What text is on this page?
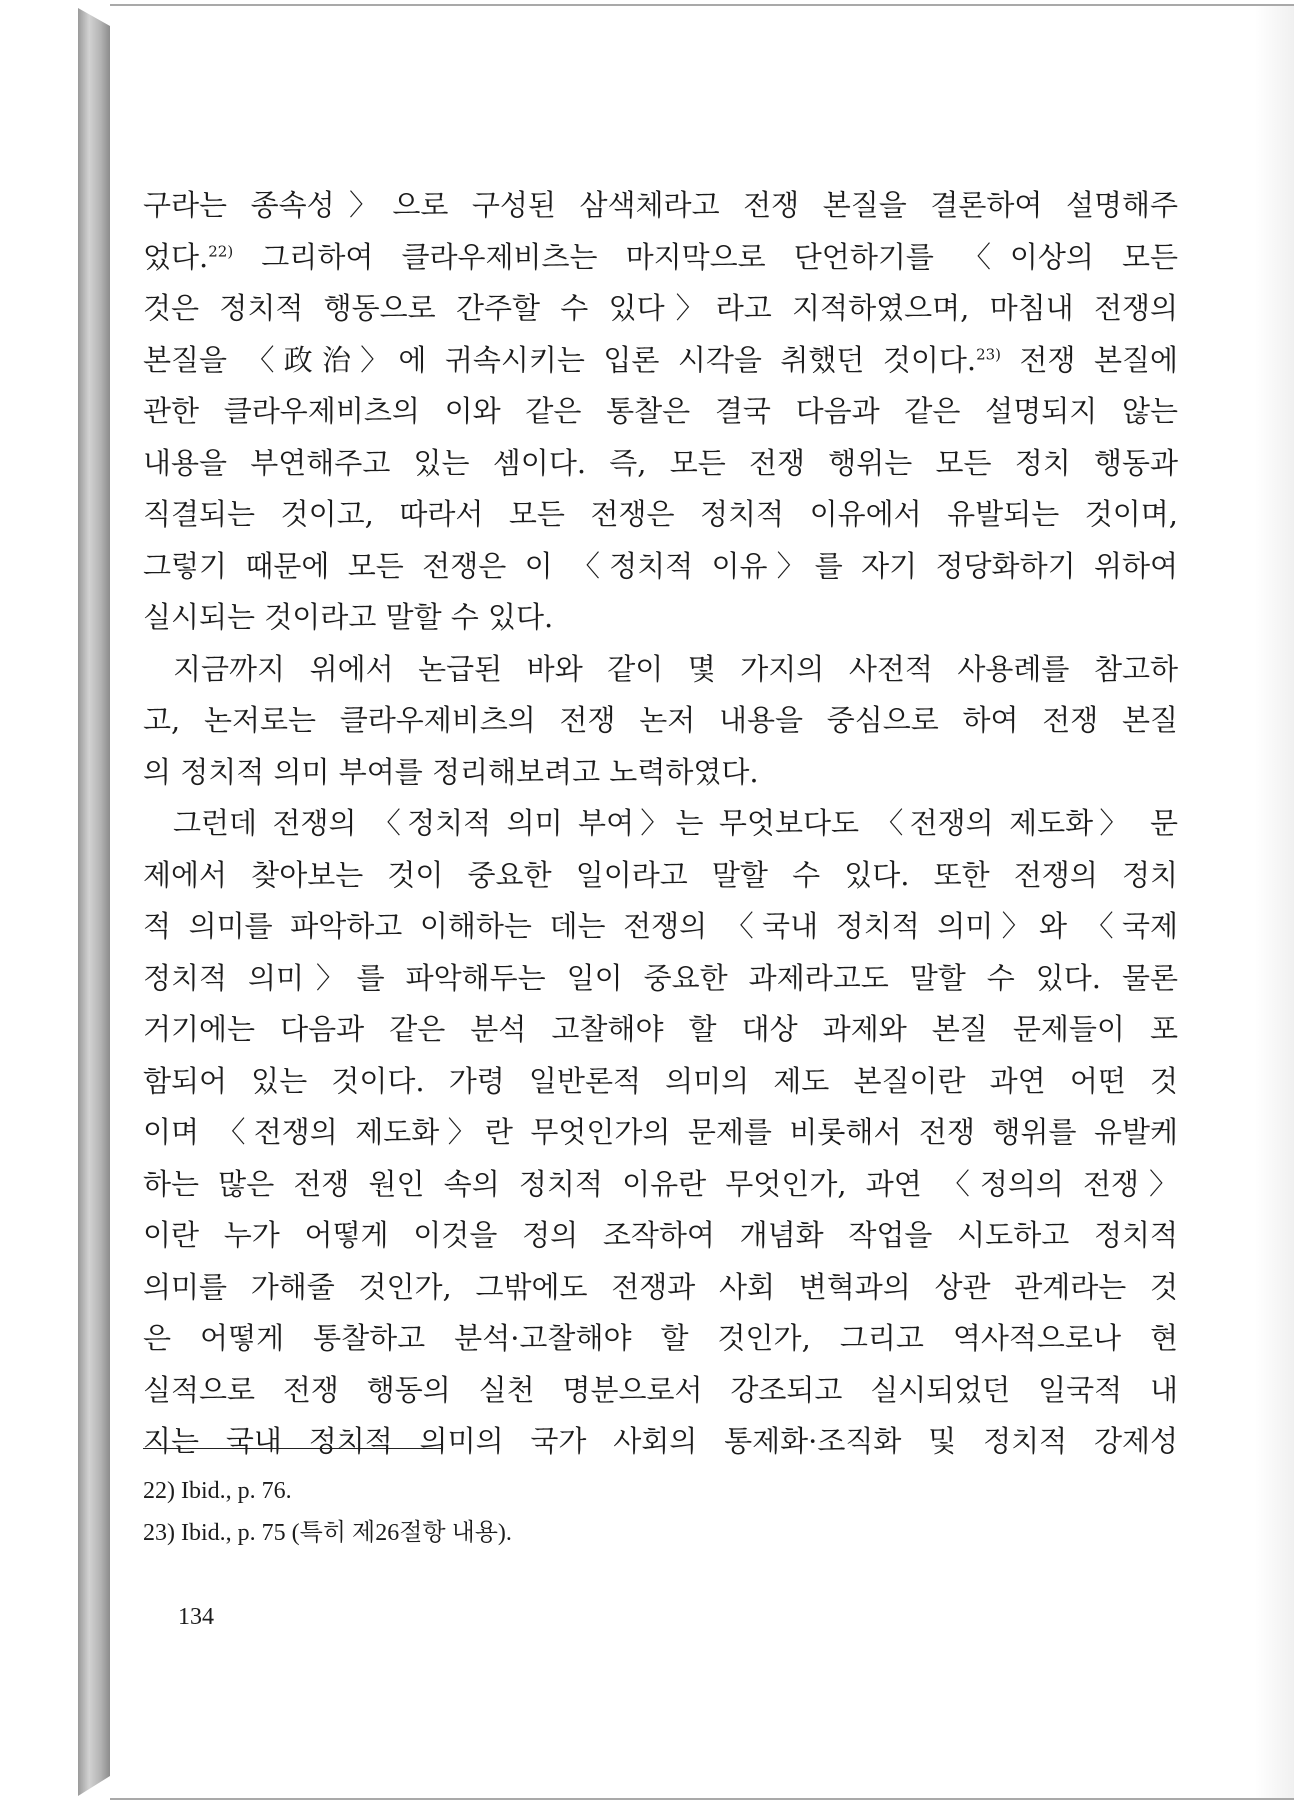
구라는 종속성〉으로 구성된 삼색체라고 전쟁 본질을 결론하여 설명해주
었다.$^{22)}$ 그리하여 클라우제비츠는 마지막으로 단언하기를 〈이상의 모든
것은 정치적 행동으로 간주할 수 있다〉라고 지적하였으며, 마침내 전쟁의
본질을 〈政治〉에 귀속시키는 입론 시각을 취했던 것이다.$^{23)}$ 전쟁 본질에
관한 클라우제비츠의 이와 같은 통찰은 결국 다음과 같은 설명되지 않는
내용을 부연해주고 있는 셈이다. 즉, 모든 전쟁 행위는 모든 정치 행동과
직결되는 것이고, 따라서 모든 전쟁은 정치적 이유에서 유발되는 것이며,
그렇기 때문에 모든 전쟁은 이 〈정치적 이유〉를 자기 정당화하기 위하여
실시되는 것이라고 말할 수 있다.

지금까지 위에서 논급된 바와 같이 몇 가지의 사전적 사용례를 참고하
고, 논저로는 클라우제비츠의 전쟁 논저 내용을 중심으로 하여 전쟁 본질
의 정치적 의미 부여를 정리해보려고 노력하였다.

그런데 전쟁의 〈정치적 의미 부여〉는 무엇보다도 〈전쟁의 제도화〉 문
제에서 찾아보는 것이 중요한 일이라고 말할 수 있다. 또한 전쟁의 정치
적 의미를 파악하고 이해하는 데는 전쟁의 〈국내 정치적 의미〉와 〈국제
정치적 의미〉를 파악해두는 일이 중요한 과제라고도 말할 수 있다. 물론
거기에는 다음과 같은 분석 고찰해야 할 대상 과제와 본질 문제들이 포
함되어 있는 것이다. 가령 일반론적 의미의 제도 본질이란 과연 어떤 것
이며 〈전쟁의 제도화〉란 무엇인가의 문제를 비롯해서 전쟁 행위를 유발케
하는 많은 전쟁 원인 속의 정치적 이유란 무엇인가, 과연 〈정의의 전쟁〉
이란 누가 어떻게 이것을 정의 조작하여 개념화 작업을 시도하고 정치적
의미를 가해줄 것인가, 그밖에도 전쟁과 사회 변혁과의 상관 관계라는 것
은 어떻게 통찰하고 분석·고찰해야 할 것인가, 그리고 역사적으로나 현
실적으로 전쟁 행동의 실천 명분으로서 강조되고 실시되었던 일국적 내
지는 국내 정치적 의미의 국가 사회의 통제화·조직화 및 정치적 강제성

22) Ibid., p. 76.
23) Ibid., p. 75 (특히 제26절항 내용).
134
